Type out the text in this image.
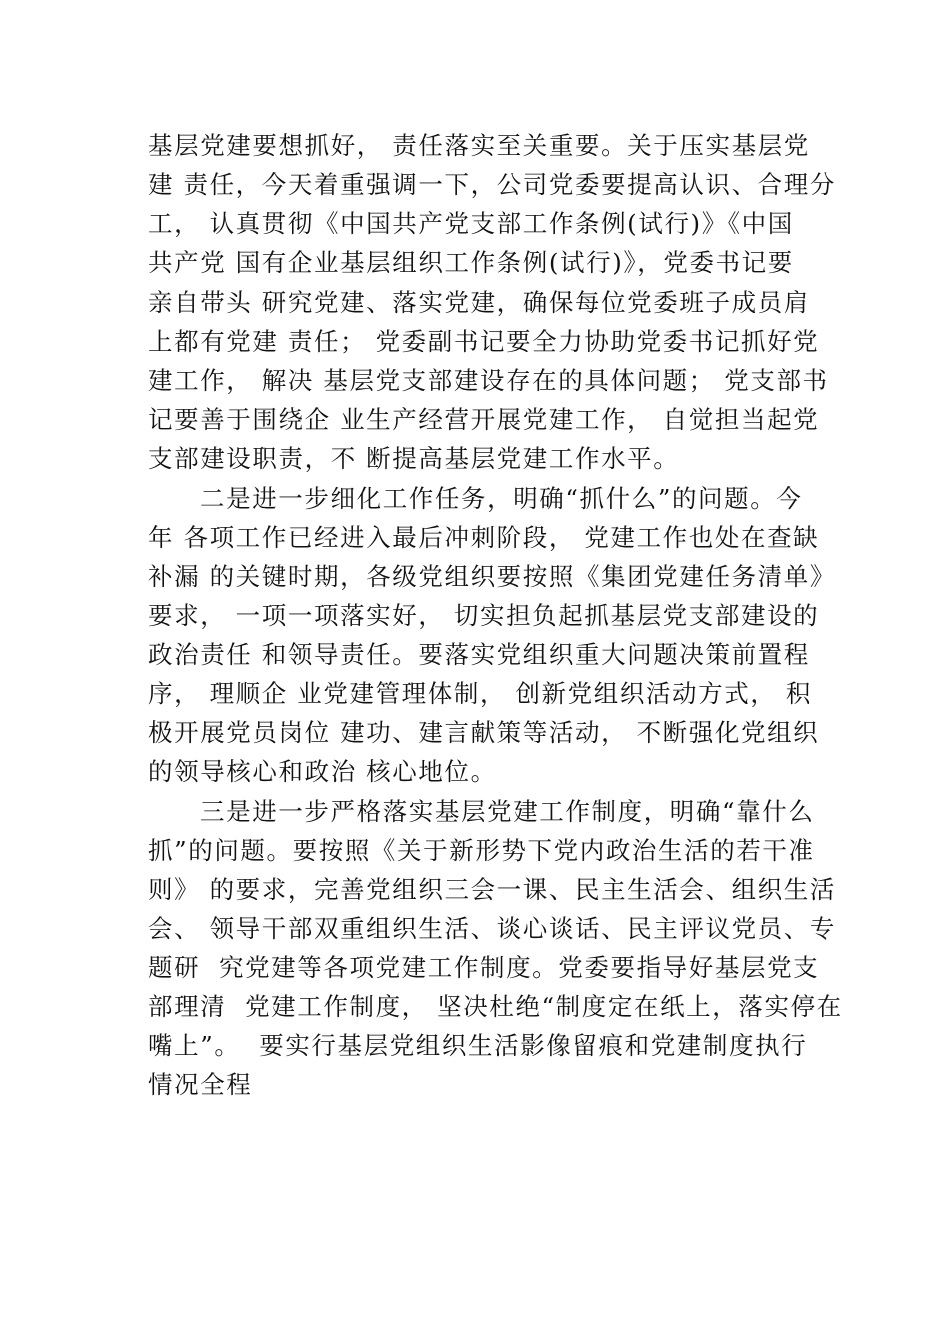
基层党建要想抓好， 责任落实至关重要。关于压实基层党
建 责任，今天着重强调一下，公司党委要提高认识、合理分
工， 认真贯彻《中国共产党支部工作条例(试行)》《中国
共产党 国有企业基层组织工作条例(试行)》，党委书记要
亲自带头 研究党建、落实党建，确保每位党委班子成员肩
上都有党建 责任； 党委副书记要全力协助党委书记抓好党
建工作， 解决 基层党支部建设存在的具体问题； 党支部书
记要善于围绕企 业生产经营开展党建工作， 自觉担当起党
支部建设职责，不 断提高基层党建工作水平。
二是进一步细化工作任务，明确“抓什么”的问题。今
年 各项工作已经进入最后冲刺阶段， 党建工作也处在查缺
补漏 的关键时期，各级党组织要按照《集团党建任务清单》
要求， 一项一项落实好， 切实担负起抓基层党支部建设的
政治责任 和领导责任。要落实党组织重大问题决策前置程
序， 理顺企 业党建管理体制， 创新党组织活动方式， 积
极开展党员岗位 建功、建言献策等活动， 不断强化党组织
的领导核心和政治 核心地位。
三是进一步严格落实基层党建工作制度，明确“靠什么
抓”的问题。要按照《关于新形势下党内政治生活的若干准
则》 的要求，完善党组织三会一课、民主生活会、组织生活
会、 领导干部双重组织生活、谈心谈话、民主评议党员、专
题研  究党建等各项党建工作制度。党委要指导好基层党支
部理清  党建工作制度， 坚决杜绝“制度定在纸上，落实停在
嘴上”。  要实行基层党组织生活影像留痕和党建制度执行
情况全程
